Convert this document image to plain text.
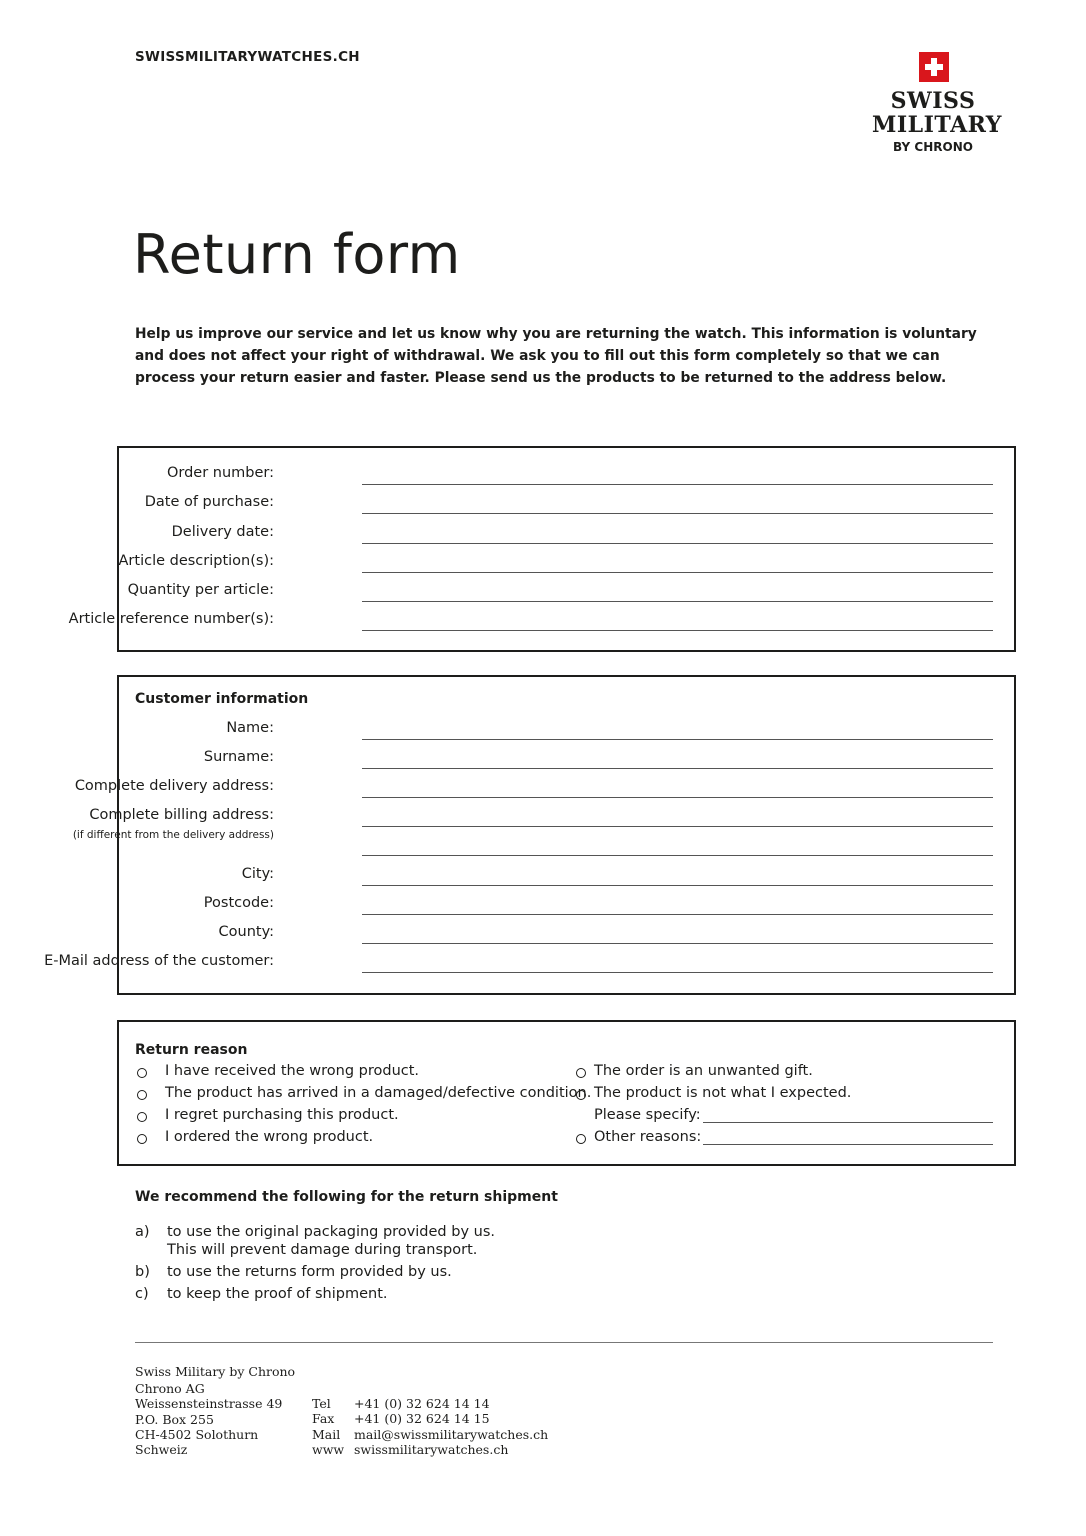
SWISSMILITARYWATCHES.CH
SWISS
MILITARY
BY CHRONO
Return form
Help us improve our service and let us know why you are returning the watch. This information is voluntary and does not affect your right of withdrawal. We ask you to fill out this form completely so that we can process your return easier and faster. Please send us the products to be returned to the address below.
Order number:
Date of purchase:
Delivery date:
Article description(s):
Quantity per article:
Article reference number(s):
Customer information
Name:
Surname:
Complete delivery address:
Complete billing address:
(if different from the delivery address)
City:
Postcode:
County:
E-Mail address of the customer:
Return reason
I have received the wrong product.
The product has arrived in a damaged/defective condition.
I regret purchasing this product.
I ordered the wrong product.
The order is an unwanted gift.
The product is not what I expected.
Please specify:
Other reasons:
We recommend the following for the return shipment
a) to use the original packaging provided by us.
This will prevent damage during transport.
b) to use the returns form provided by us.
c) to keep the proof of shipment.
Swiss Military by Chrono
Chrono AG
Weissensteinstrasse 49
P.O. Box 255
CH-4502 Solothurn
Schweiz
Tel +41 (0) 32 624 14 14
Fax +41 (0) 32 624 14 15
Mail mail@swissmilitarywatches.ch
www swissmilitarywatches.ch
